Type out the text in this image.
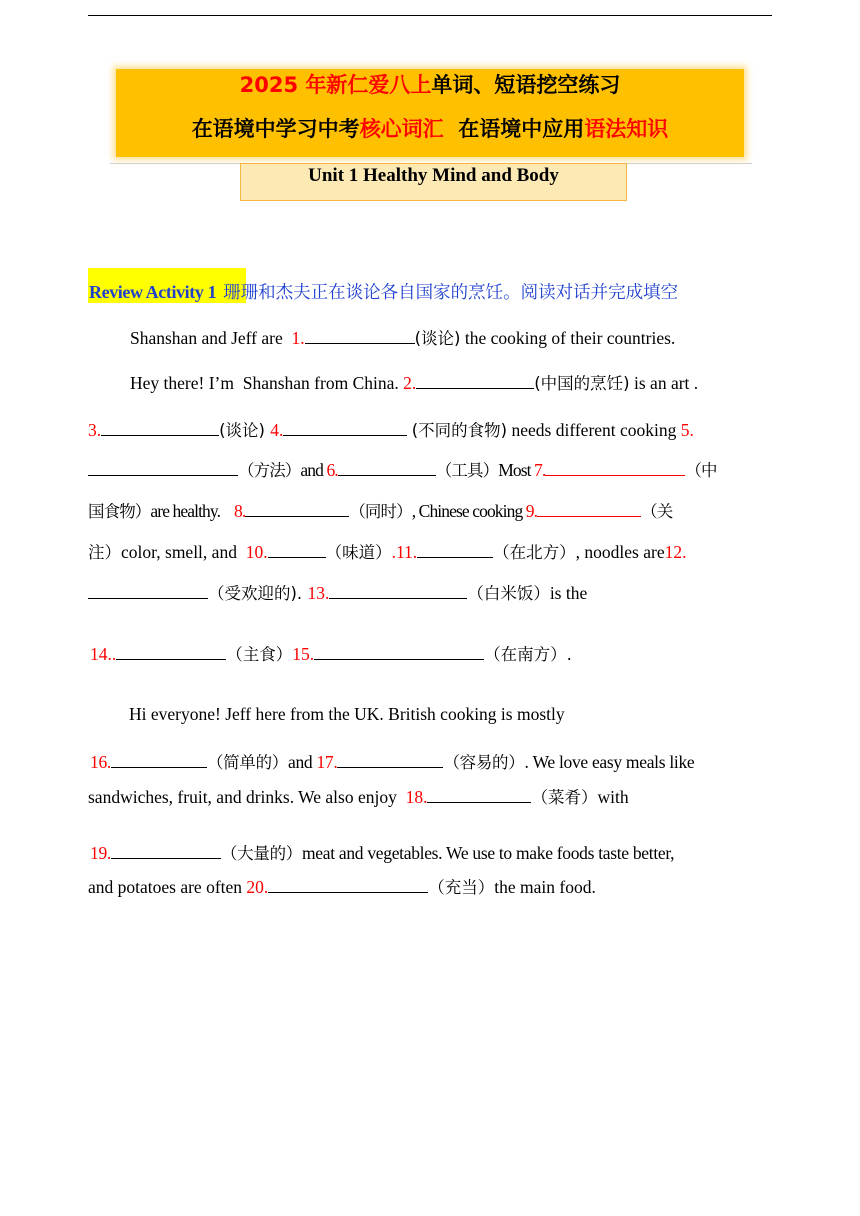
2025 年新仁爱八上单词、短语挖空练习
在语境中学习中考核心词汇  在语境中应用语法知识
Unit 1 Healthy Mind and Body
Review Activity 1 珊珊和杰夫正在谈论各自国家的烹饪。阅读对话并完成填空
Shanshan and Jeff are  1.	(谈论) the cooking of their countries.
Hey there! I’m  Shanshan from China. 2.	(中国的烹饪) is an art .
3.	(谈论) 4.	(不同的食物) needs different cooking 5.
（方法）and 6.	（工具）Most 7.	（中
国食物）are healthy.    8.	（同时）, Chinese cooking 9.	（关
注）color, smell, and  10.	（味道）.11.	（在北方）, noodles are12.
（受欢迎的). 13.	（白米饭）is the
14..	（主食）15.	（在南方）.
Hi everyone! Jeff here from the UK. British cooking is mostly
16.	（简单的）and 17.	（容易的）. We love easy meals like
sandwiches, fruit, and drinks. We also enjoy  18.	（菜肴）with
19.	（大量的）meat and vegetables. We use to make foods taste better,
and potatoes are often 20.	（充当）the main food.
